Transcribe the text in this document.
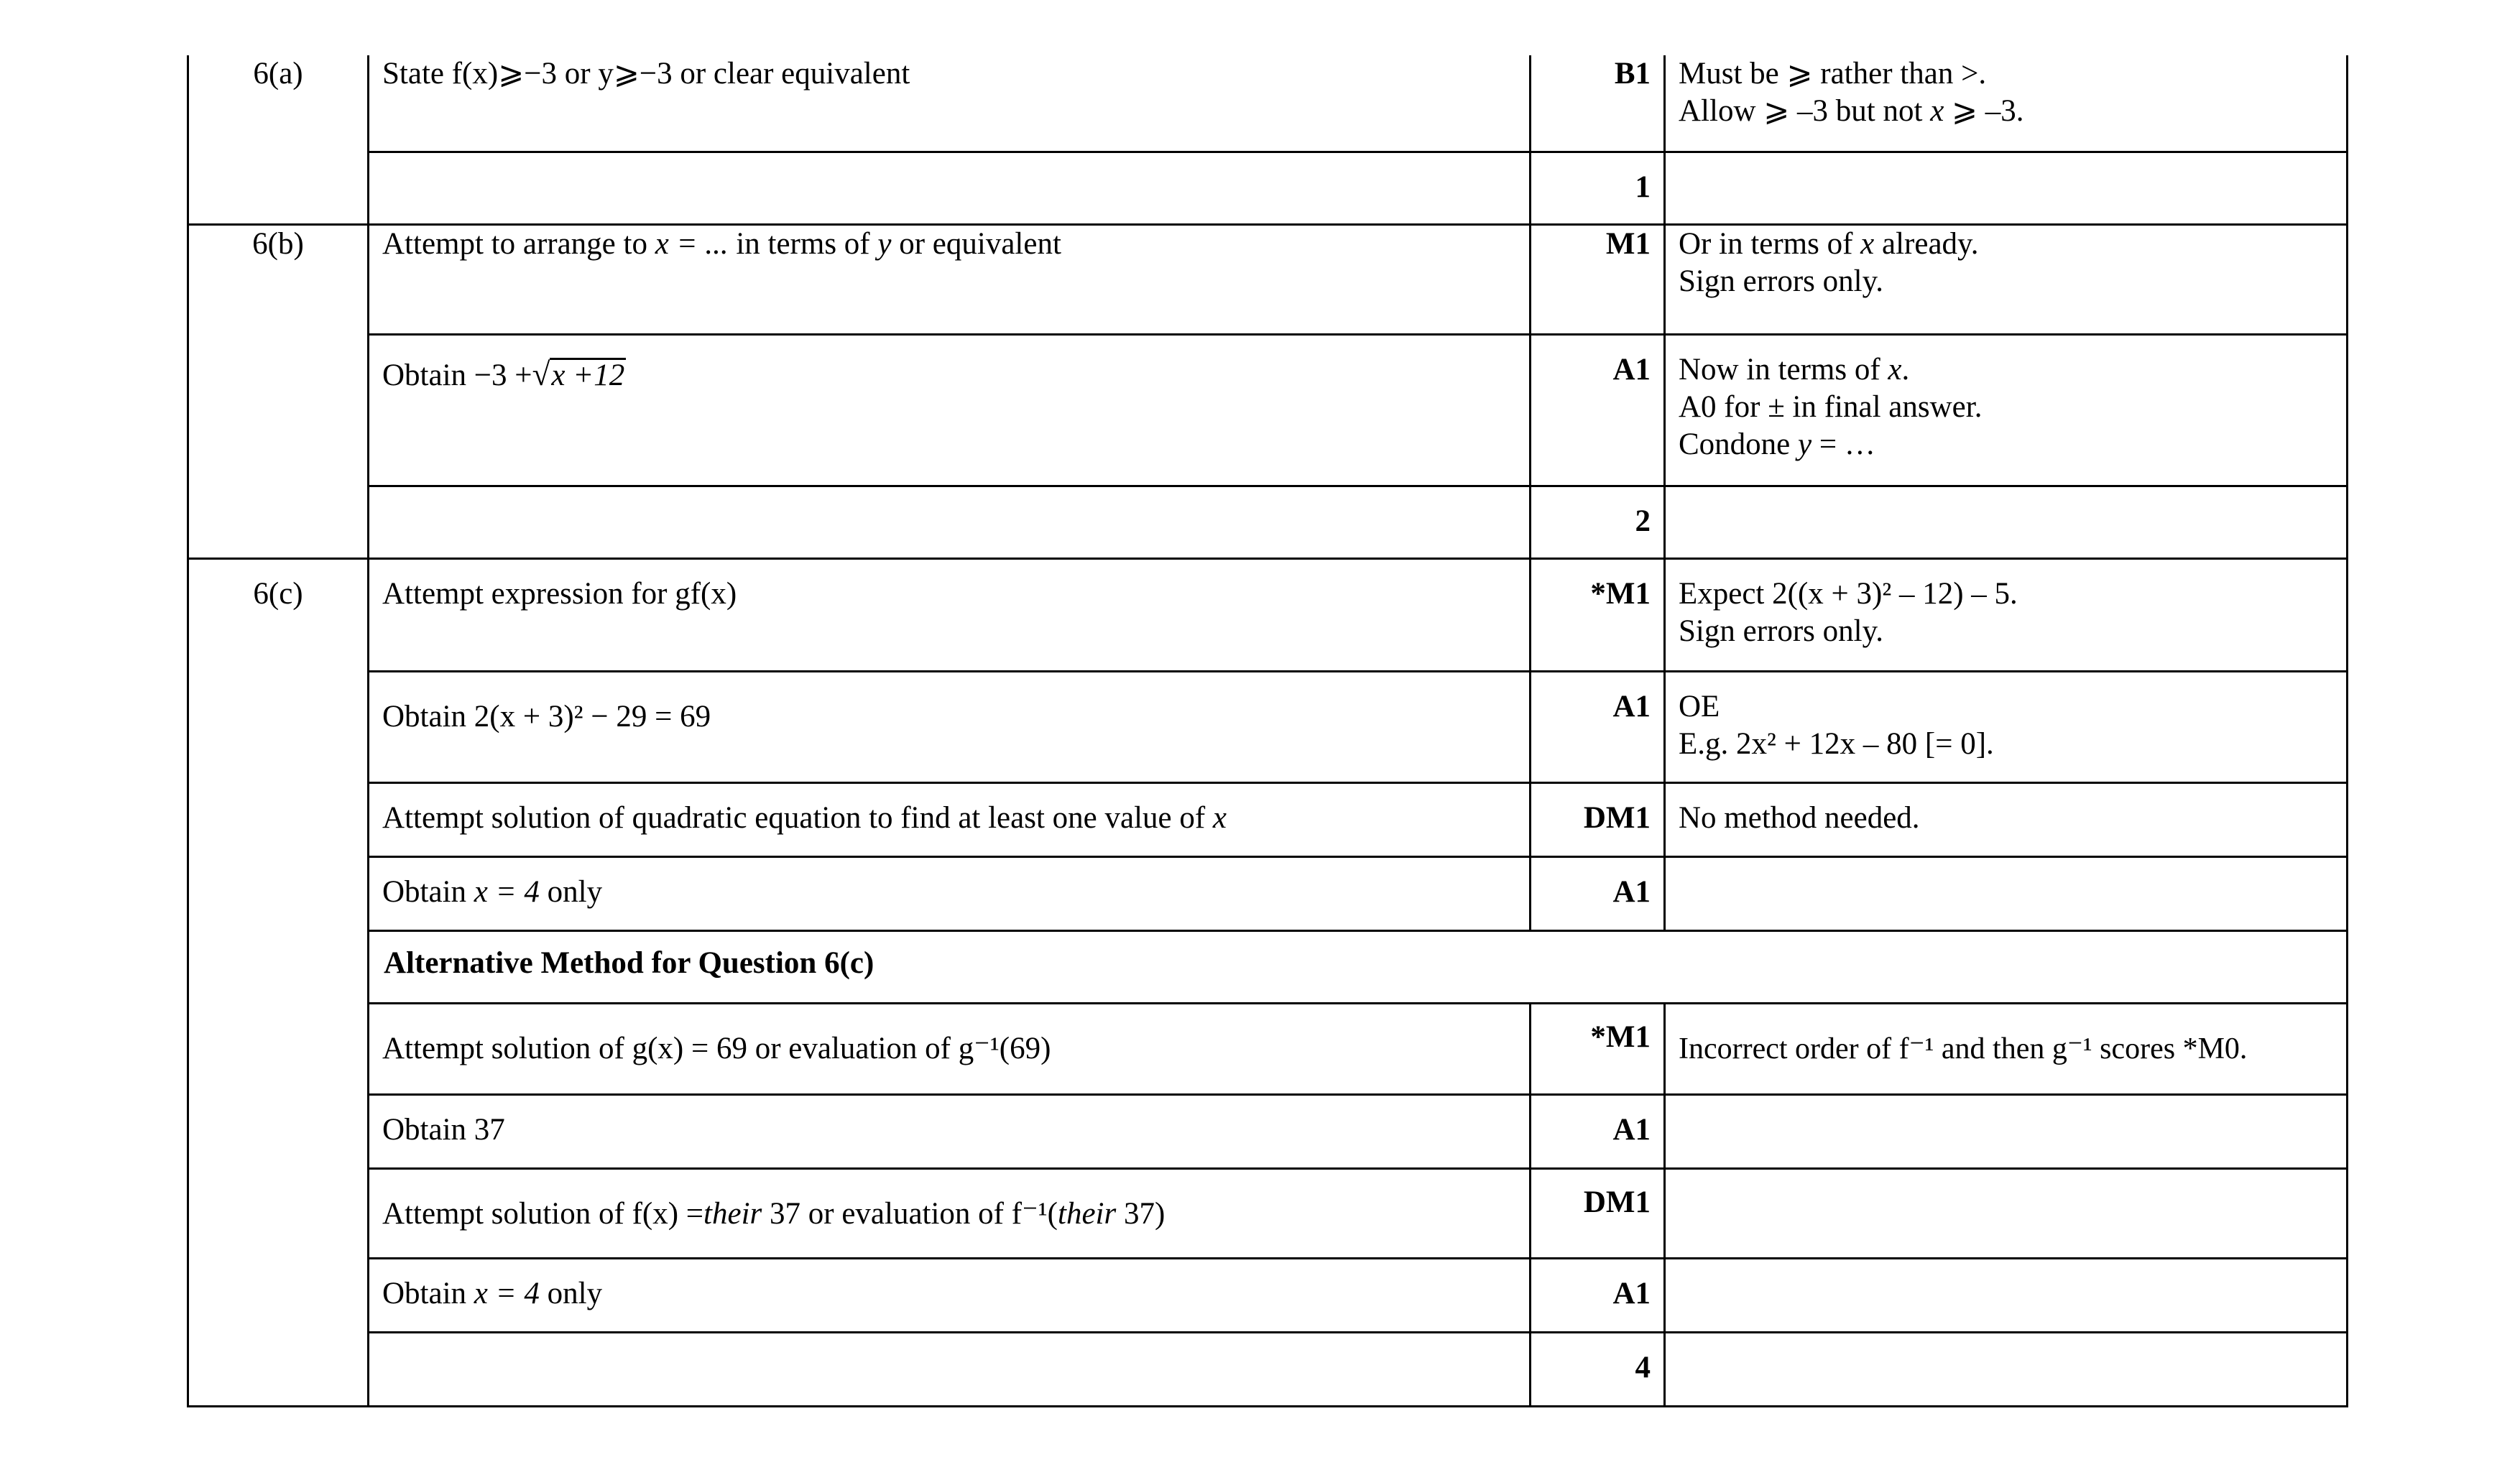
6(a)	State f(x)⩾−3 or y⩾−3 or clear equivalent	B1	Must be ⩾ rather than >.
Allow ⩾ –3 but not x ⩾ –3.

		1	

6(b)	Attempt to arrange to x = ... in terms of y or equivalent	M1	Or in terms of x already.
Sign errors only.

	Obtain −3 +√x +12	A1	Now in terms of x.
A0 for ± in final answer.
Condone y = …

		2	

6(c)	Attempt expression for gf(x)	*M1	Expect 2((x + 3)² – 12) – 5.
Sign errors only.

	Obtain 2(x + 3)² − 29 = 69	A1	OE
E.g. 2x² + 12x – 80 [= 0].

	Attempt solution of quadratic equation to find at least one value of x	DM1	No method needed.

	Obtain x = 4 only	A1	
	Alternative Method for Question 6(c)		
	Attempt solution of g(x) = 69 or evaluation of g⁻¹(69)	*M1	Incorrect order of f⁻¹ and then g⁻¹ scores *M0.

	Obtain 37	A1	
	Attempt solution of f(x) =their 37 or evaluation of f⁻¹(their 37)	DM1	
	Obtain x = 4 only	A1	
		4	
